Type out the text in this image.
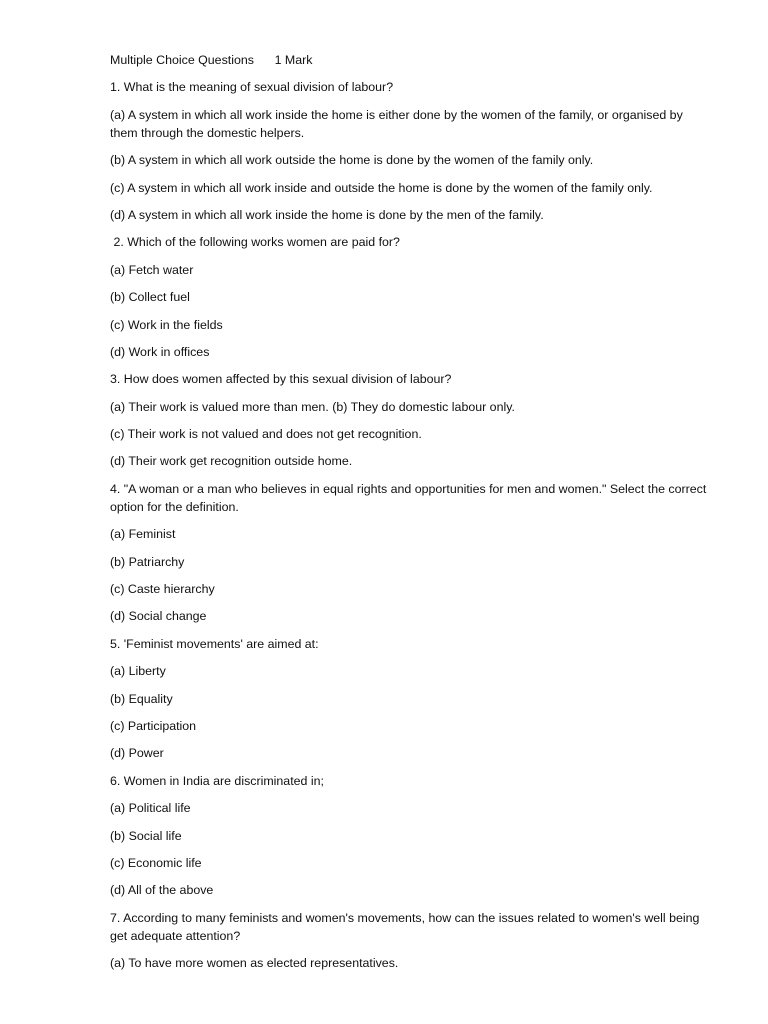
Multiple Choice Questions      1 Mark

1. What is the meaning of sexual division of labour?

(a) A system in which all work inside the home is either done by the women of the family, or organised by them through the domestic helpers.

(b) A system in which all work outside the home is done by the women of the family only.

(c) A system in which all work inside and outside the home is done by the women of the family only.

(d) A system in which all work inside the home is done by the men of the family.

2. Which of the following works women are paid for?

(a) Fetch water

(b) Collect fuel

(c) Work in the fields

(d) Work in offices

3. How does women affected by this sexual division of labour?

(a) Their work is valued more than men. (b) They do domestic labour only.

(c) Their work is not valued and does not get recognition.

(d) Their work get recognition outside home.

4. "A woman or a man who believes in equal rights and opportunities for men and women." Select the correct option for the definition.

(a) Feminist

(b) Patriarchy

(c) Caste hierarchy

(d) Social change

5. 'Feminist movements' are aimed at:

(a) Liberty

(b) Equality

(c) Participation

(d) Power

6. Women in India are discriminated in;

(a) Political life

(b) Social life

(c) Economic life

(d) All of the above

7. According to many feminists and women's movements, how can the issues related to women's well being get adequate attention?

(a) To have more women as elected representatives.
